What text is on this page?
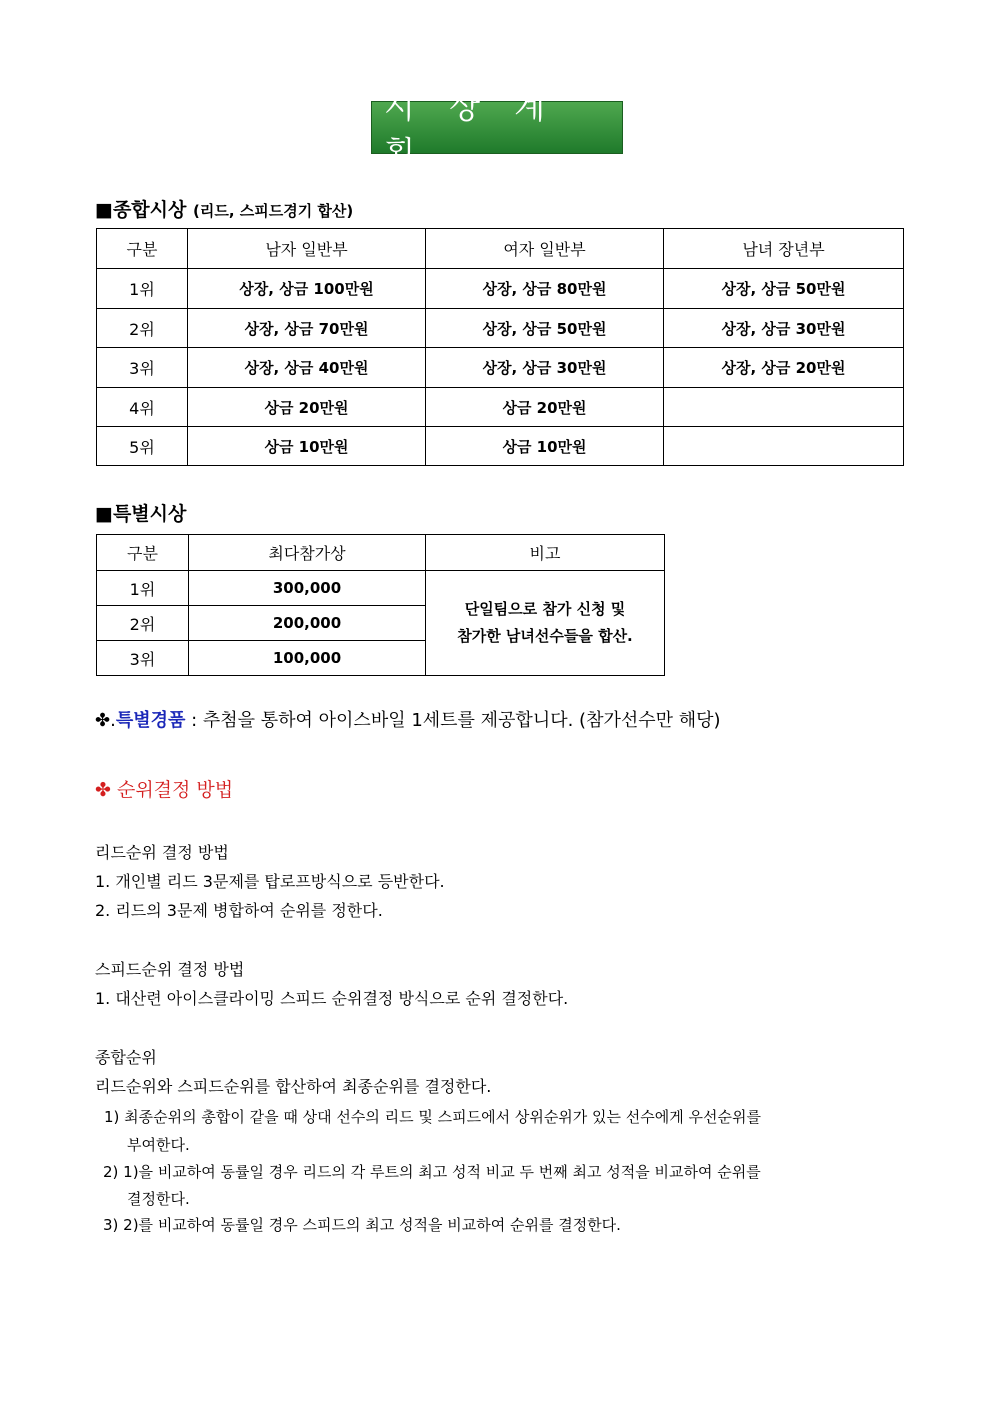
시 상 계 획
■종합시상 (리드, 스피드경기 합산)
구분	남자 일반부	여자 일반부	남녀 장년부
1위	상장, 상금 100만원	상장, 상금 80만원	상장, 상금 50만원
2위	상장, 상금 70만원	상장, 상금 50만원	상장, 상금 30만원
3위	상장, 상금 40만원	상장, 상금 30만원	상장, 상금 20만원
4위	상금 20만원	상금 20만원	
5위	상금 10만원	상금 10만원	
■특별시상
구분	최다참가상	비고
1위	300,000	단일팀으로 참가 신청 및
참가한 남녀선수들을 합산.

2위	200,000	
3위	100,000	
✤.특별경품 : 추첨을 통하여 아이스바일 1세트를 제공합니다. (참가선수만 해당)
✤ 순위결정 방법
리드순위 결정 방법
1. 개인별 리드 3문제를 탑로프방식으로 등반한다.
2. 리드의 3문제 병합하여 순위를 정한다.
스피드순위 결정 방법
1. 대산련 아이스클라이밍 스피드 순위결정 방식으로 순위 결정한다.
종합순위
리드순위와 스피드순위를 합산하여 최종순위를 결정한다.
1) 최종순위의 총합이 같을 때 상대 선수의 리드 및 스피드에서 상위순위가 있는 선수에게 우선순위를
부여한다.
2) 1)을 비교하여 동률일 경우 리드의 각 루트의 최고 성적 비교 두 번째 최고 성적을 비교하여 순위를
결정한다.
3) 2)를 비교하여 동률일 경우 스피드의 최고 성적을 비교하여 순위를 결정한다.
